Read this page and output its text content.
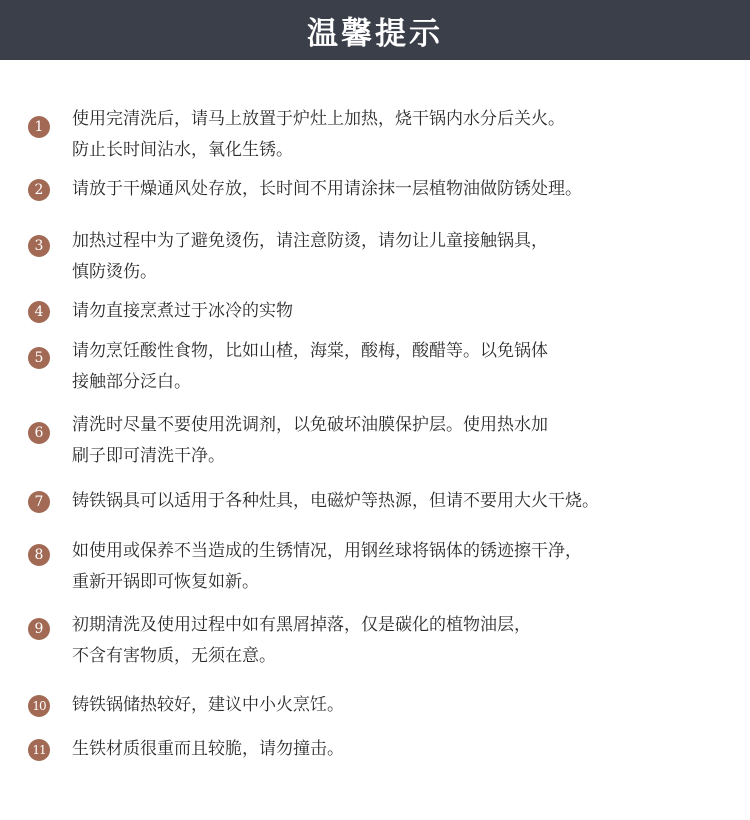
温馨提示
1	使用完清洗后，请马上放置于炉灶上加热，烧干锅内水分后关火。
防止长时间沾水，氧化生锈。

2	请放于干燥通风处存放，长时间不用请涂抹一层植物油做防锈处理。

3	加热过程中为了避免烫伤，请注意防烫，请勿让儿童接触锅具，
慎防烫伤。

4	请勿直接烹煮过于冰冷的实物

5	请勿烹饪酸性食物，比如山楂，海棠，酸梅，酸醋等。以免锅体
接触部分泛白。

6	清洗时尽量不要使用洗调剂，以免破坏油膜保护层。使用热水加
刷子即可清洗干净。

7	铸铁锅具可以适用于各种灶具，电磁炉等热源，但请不要用大火干烧。

8	如使用或保养不当造成的生锈情况，用钢丝球将锅体的锈迹擦干净，
重新开锅即可恢复如新。

9	初期清洗及使用过程中如有黑屑掉落，仅是碳化的植物油层，
不含有害物质，无须在意。

10 铸铁锅储热较好，建议中小火烹饪。

11 生铁材质很重而且较脆，请勿撞击。
